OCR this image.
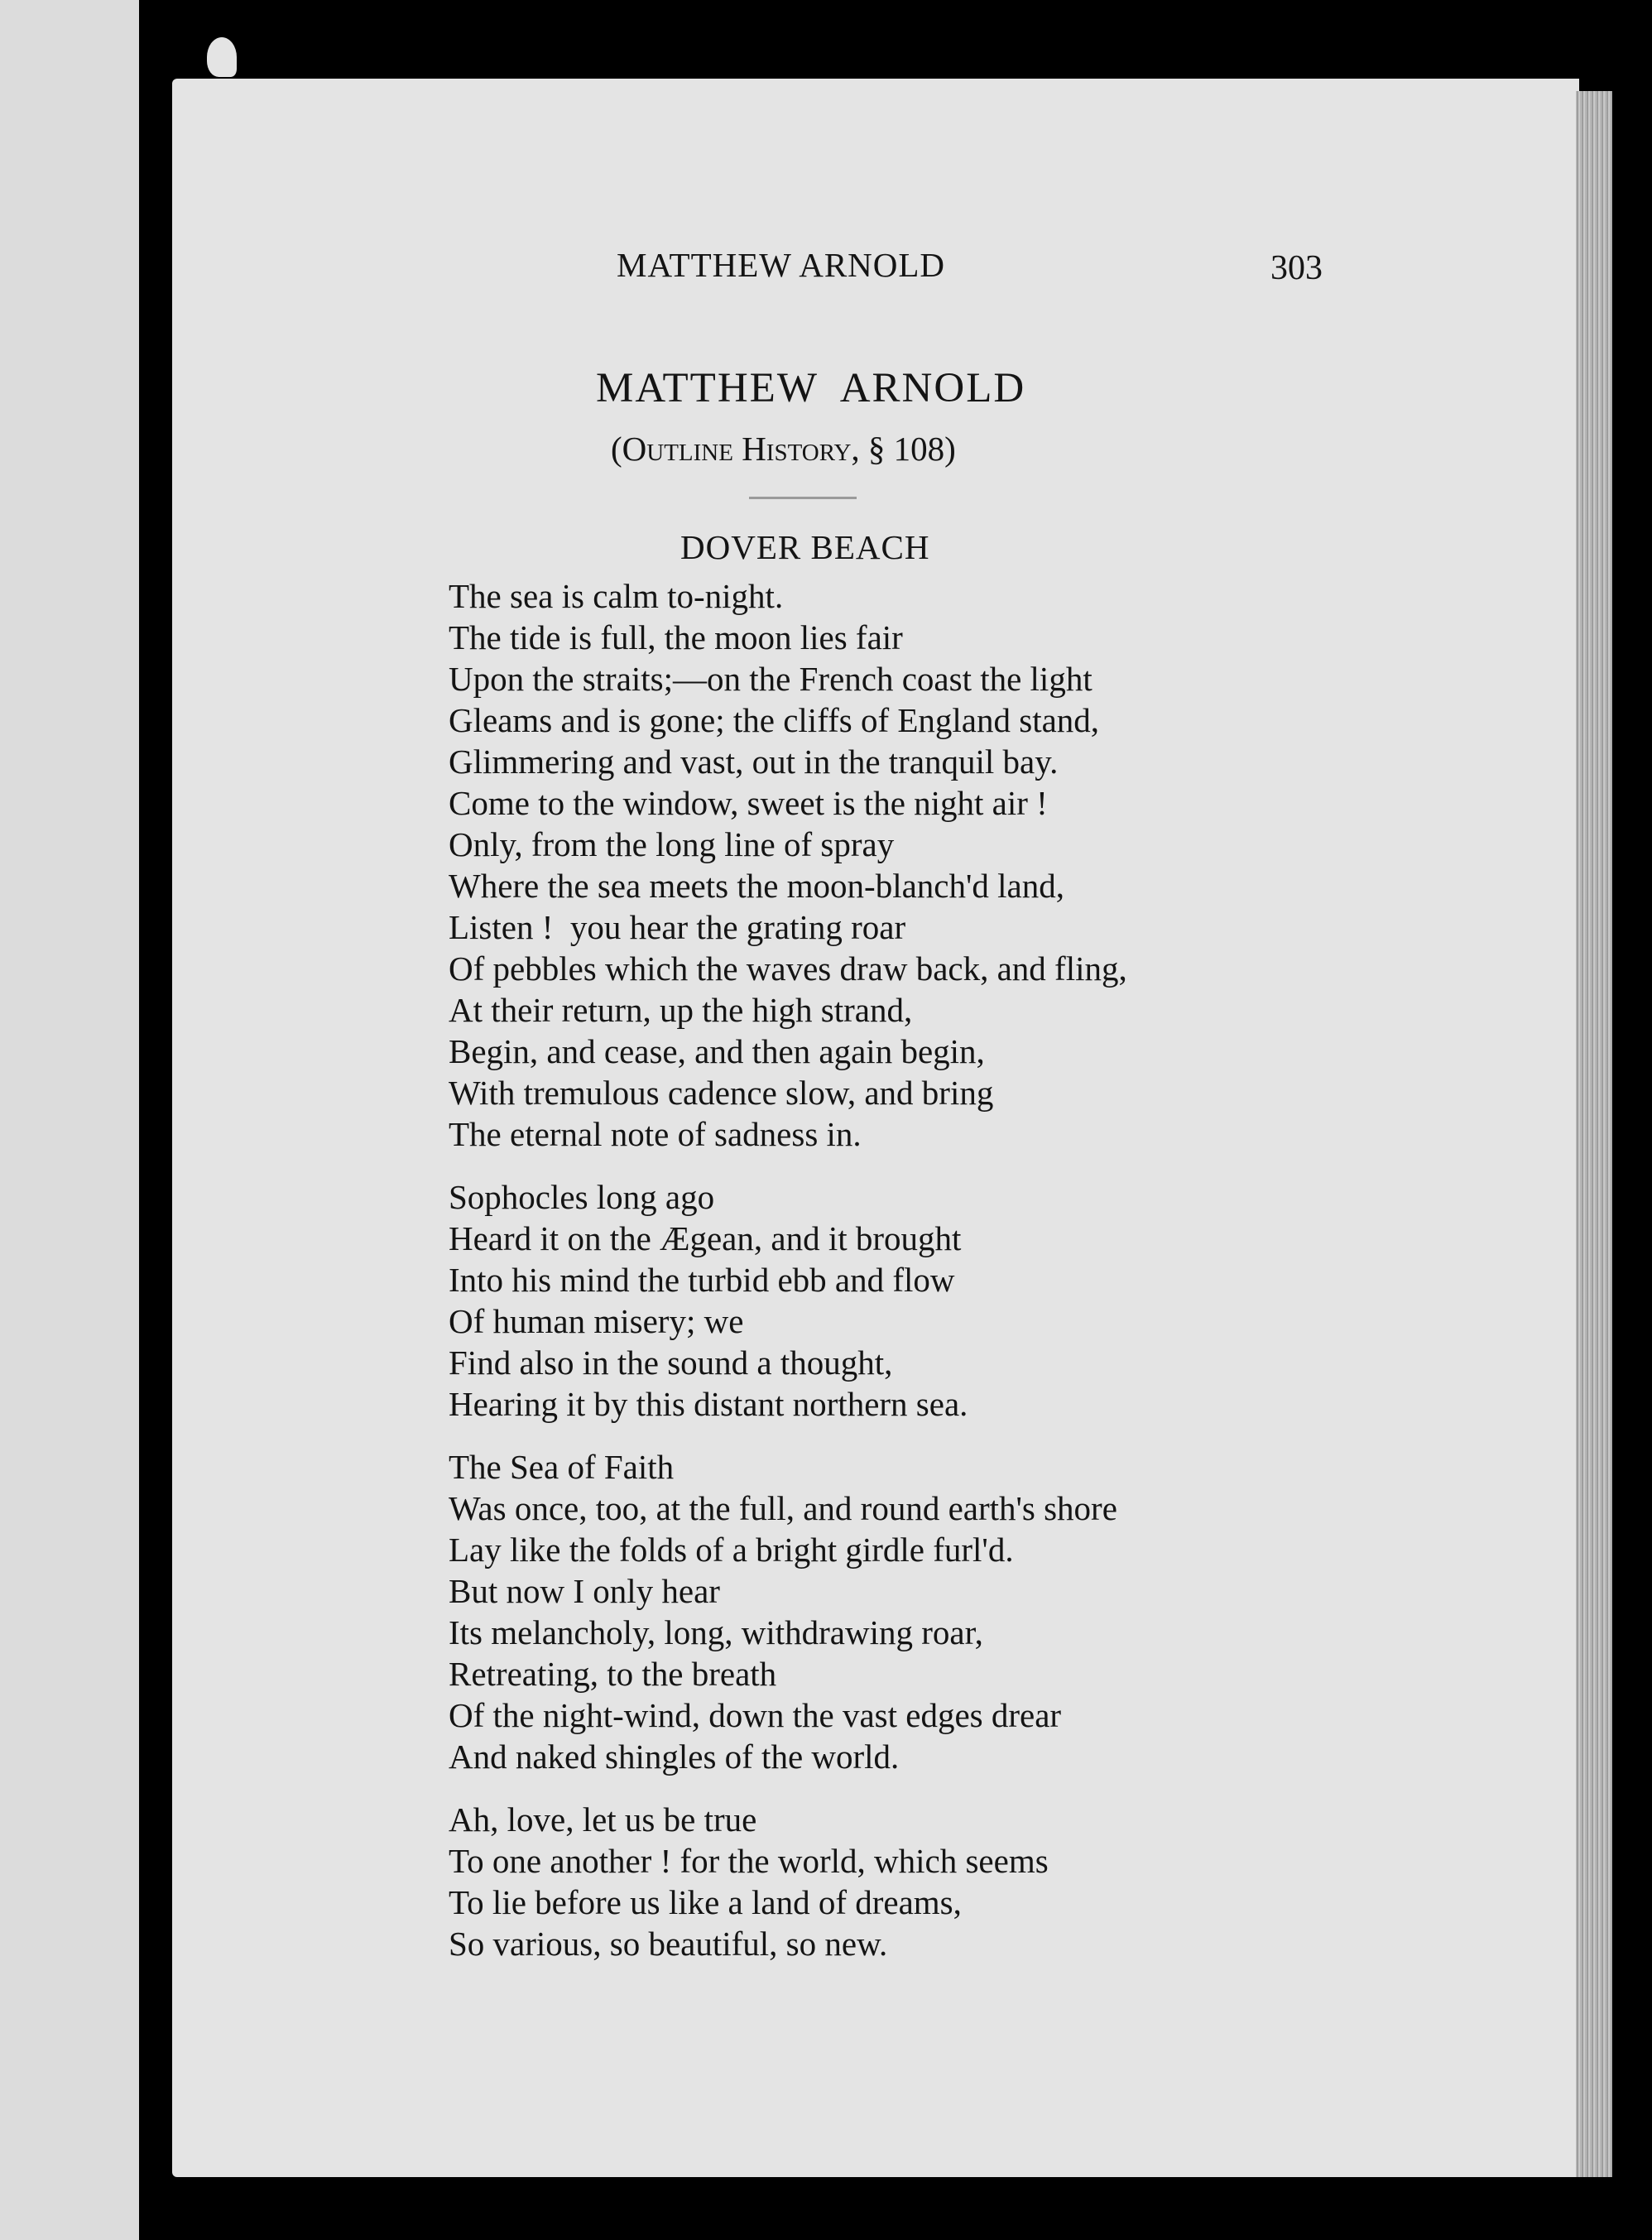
MATTHEW ARNOLD	303
MATTHEW  ARNOLD
(Outline History, § 108)
DOVER BEACH
The sea is calm to-night.
The tide is full, the moon lies fair
Upon the straits;—on the French coast the light
Gleams and is gone; the cliffs of England stand,
Glimmering and vast, out in the tranquil bay.
Come to the window, sweet is the night air !
Only, from the long line of spray
Where the sea meets the moon-blanch'd land,
Listen !  you hear the grating roar
Of pebbles which the waves draw back, and fling,
At their return, up the high strand,
Begin, and cease, and then again begin,
With tremulous cadence slow, and bring
The eternal note of sadness in.
Sophocles long ago
Heard it on the Ægean, and it brought
Into his mind the turbid ebb and flow
Of human misery; we
Find also in the sound a thought,
Hearing it by this distant northern sea.
The Sea of Faith
Was once, too, at the full, and round earth's shore
Lay like the folds of a bright girdle furl'd.
But now I only hear
Its melancholy, long, withdrawing roar,
Retreating, to the breath
Of the night-wind, down the vast edges drear
And naked shingles of the world.
Ah, love, let us be true
To one another ! for the world, which seems
To lie before us like a land of dreams,
So various, so beautiful, so new.
